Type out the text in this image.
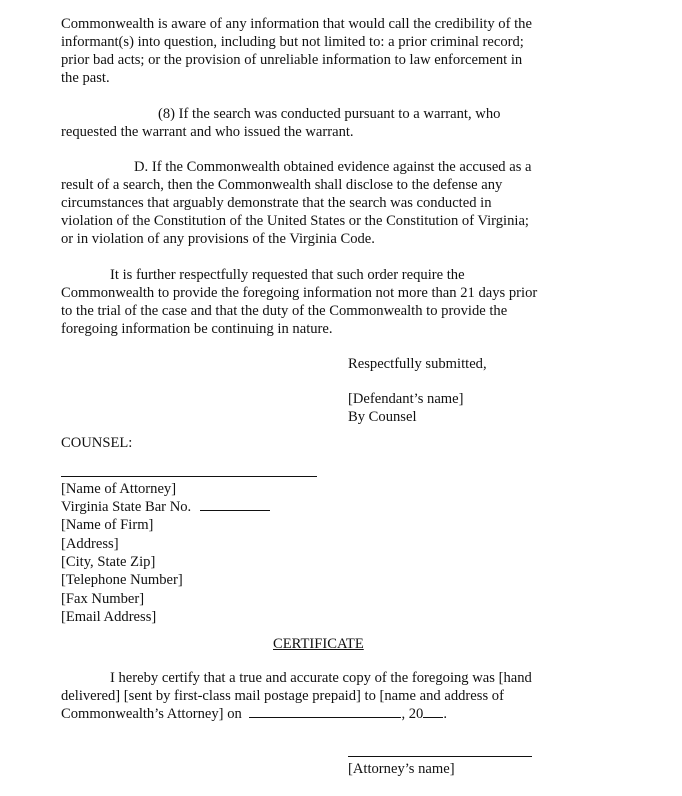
Commonwealth is aware of any information that would call the credibility of the
informant(s) into question, including but not limited to: a prior criminal record;
prior bad acts; or the provision of unreliable information to law enforcement in
the past.
(8) If the search was conducted pursuant to a warrant, who
requested the warrant and who issued the warrant.
D. If the Commonwealth obtained evidence against the accused as a
result of a search, then the Commonwealth shall disclose to the defense any
circumstances that arguably demonstrate that the search was conducted in
violation of the Constitution of the United States or the Constitution of Virginia;
or in violation of any provisions of the Virginia Code.
It is further respectfully requested that such order require the
Commonwealth to provide the foregoing information not more than 21 days prior
to the trial of the case and that the duty of the Commonwealth to provide the
foregoing information be continuing in nature.
Respectfully submitted,
[Defendant’s name]
By Counsel
COUNSEL:
[Name of Attorney]
Virginia State Bar No.
[Name of Firm]
[Address]
[City, State Zip]
[Telephone Number]
[Fax Number]
[Email Address]
CERTIFICATE
I hereby certify that a true and accurate copy of the foregoing was [hand
delivered] [sent by first-class mail postage prepaid] to [name and address of
Commonwealth’s Attorney] on	, 20 .
[Attorney’s name]
